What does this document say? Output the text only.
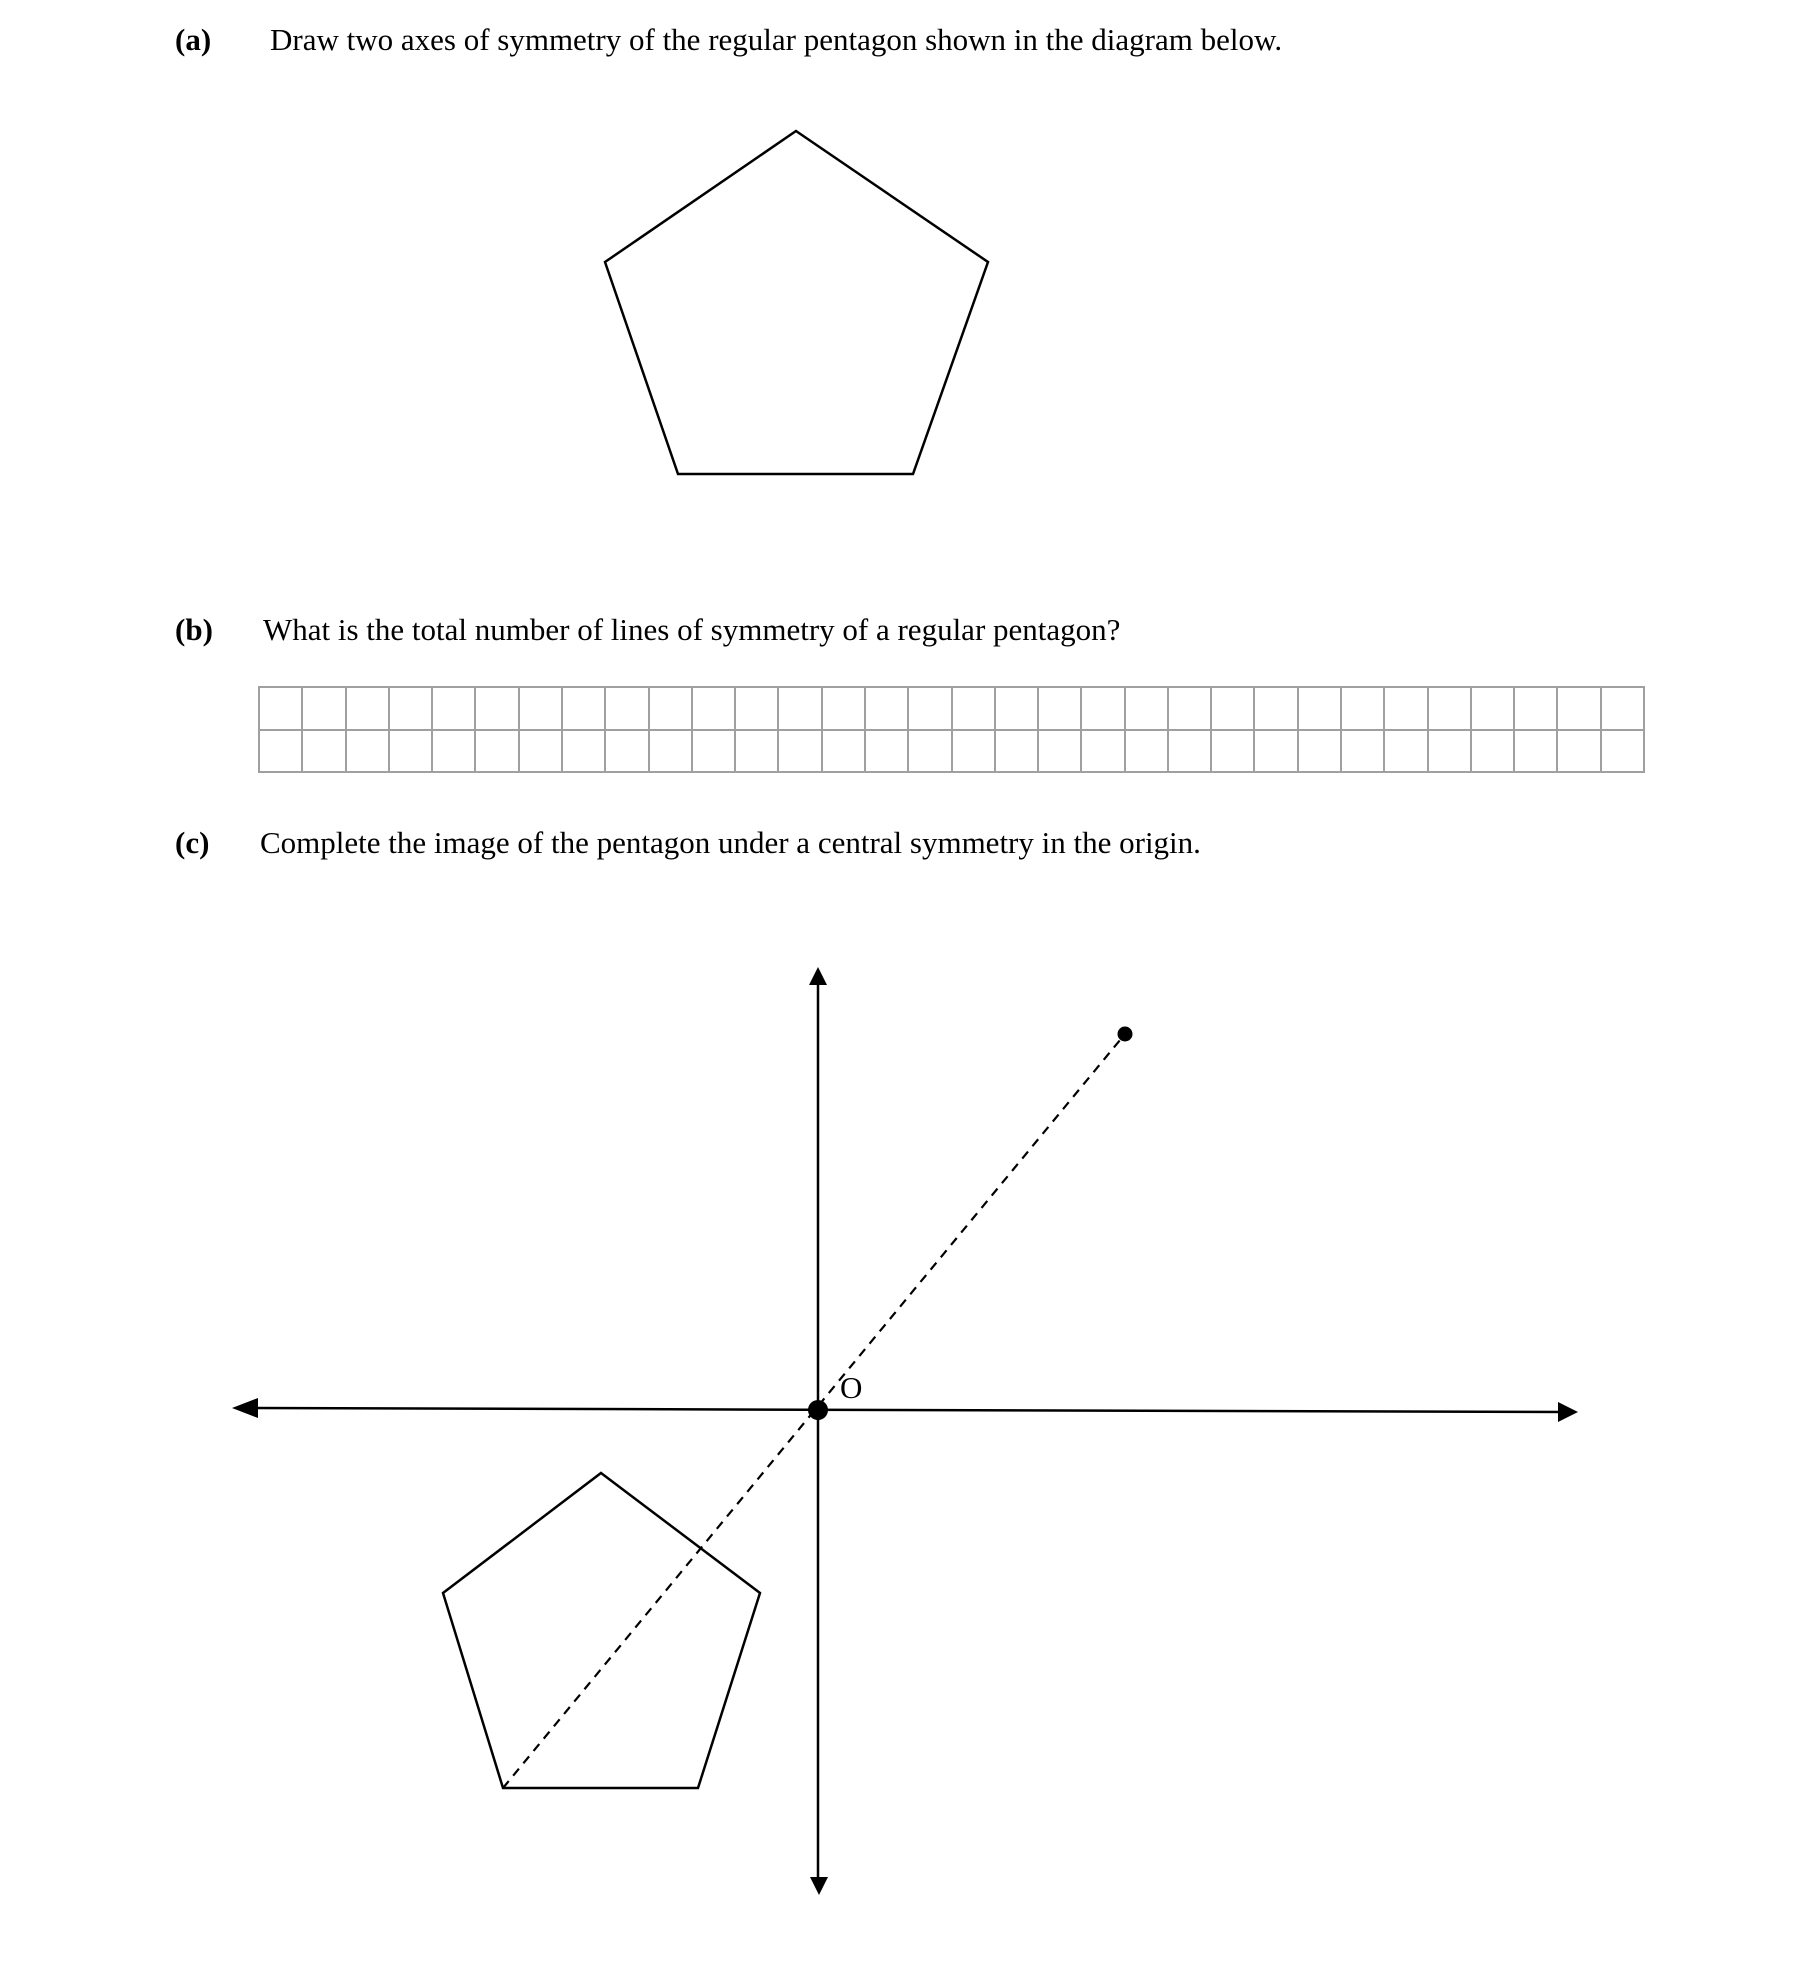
(a) Draw two axes of symmetry of the regular pentagon shown in the diagram below.
(b) What is the total number of lines of symmetry of a regular pentagon?
(c) Complete the image of the pentagon under a central symmetry in the origin.
O
